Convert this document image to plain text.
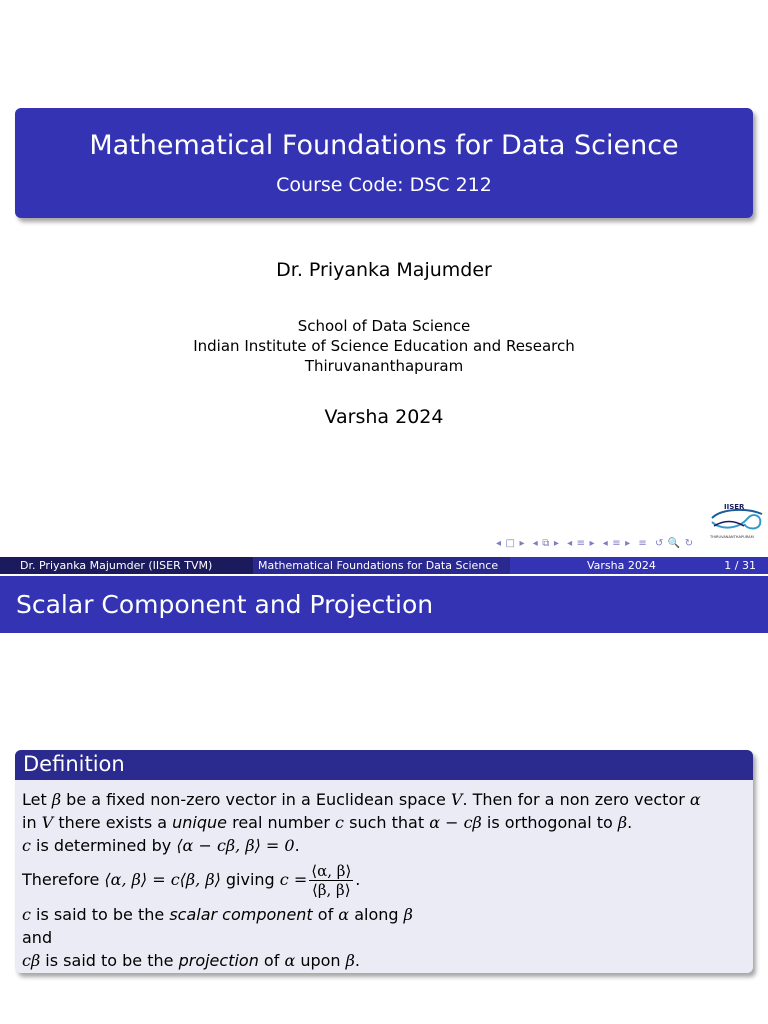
Mathematical Foundations for Data Science
Course Code: DSC 212
Dr. Priyanka Majumder
School of Data Science
Indian Institute of Science Education and Research
Thiruvananthapuram
Varsha 2024
IISER
THIRUVANANTHAPURAM
◂ □ ▸ ◂ ⧉ ▸ ◂ ≡ ▸ ◂ ≡ ▸ ≡ ↺ 🔍 ↻
Dr. Priyanka Majumder (IISER TVM)	Mathematical Foundations for Data Science	Varsha 2024	1 / 31
Scalar Component and Projection
Definition
Let β be a fixed non-zero vector in a Euclidean space V. Then for a non zero vector α
in V there exists a unique real number c such that α − cβ is orthogonal to β.
c is determined by ⟨α − cβ, β⟩ = 0.
Therefore ⟨α, β⟩ = c⟨β, β⟩ giving $c = \frac{⟨\alpha, \beta⟩}{⟨\beta, \beta⟩}$ .
c is said to be the scalar component of α along β
and
cβ is said to be the projection of α upon β.
